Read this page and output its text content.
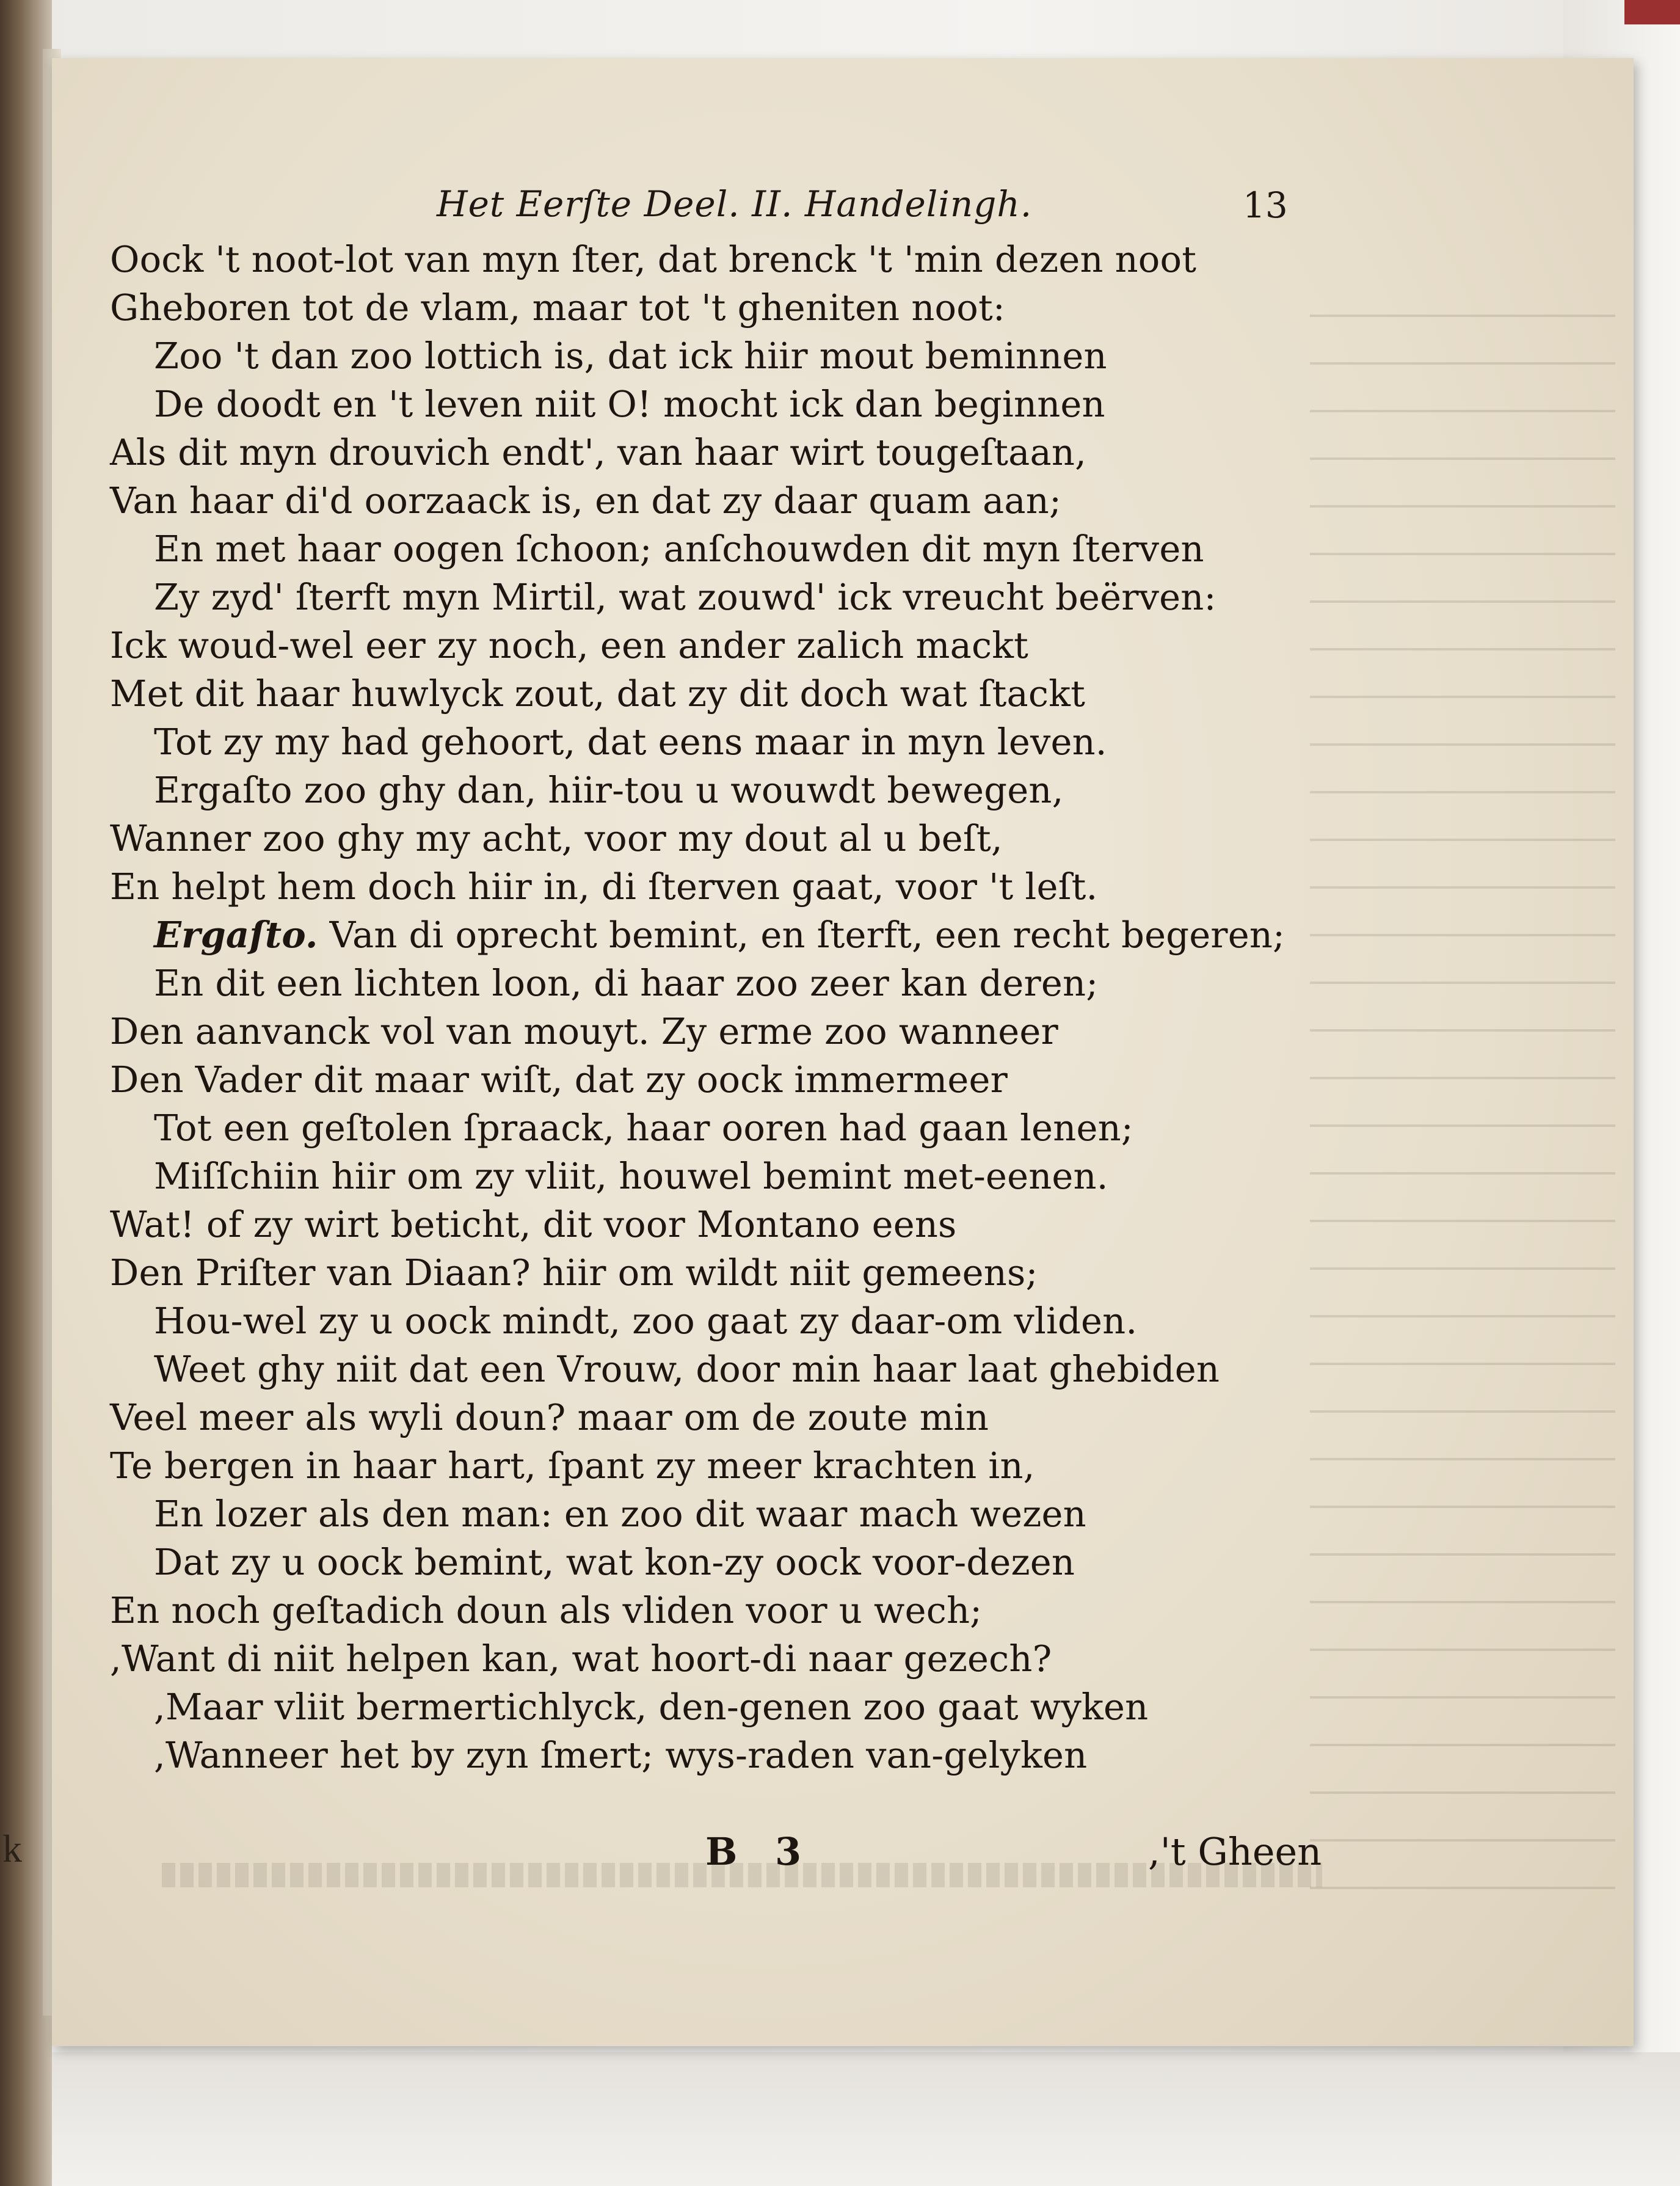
k
Het Eerſte Deel. II. Handelingh.	13
Oock 't noot-lot van myn ſter, dat brenck 't 'min dezen noot
Gheboren tot de vlam, maar tot 't gheniten noot:
Zoo 't dan zoo lottich is, dat ick hiir mout beminnen
De doodt en 't leven niit O! mocht ick dan beginnen
Als dit myn drouvich endt', van haar wirt tougeſtaan,
Van haar di'd oorzaack is, en dat zy daar quam aan;
En met haar oogen ſchoon; anſchouwden dit myn ſterven
Zy zyd' ſterft myn Mirtil, wat zouwd' ick vreucht beërven:
Ick woud-wel eer zy noch, een ander zalich mackt
Met dit haar huwlyck zout, dat zy dit doch wat ſtackt
Tot zy my had gehoort, dat eens maar in myn leven.
Ergaſto zoo ghy dan, hiir-tou u wouwdt bewegen,
Wanner zoo ghy my acht, voor my dout al u beſt,
En helpt hem doch hiir in, di ſterven gaat, voor 't leſt.
Ergaſto. Van di oprecht bemint, en ſterft, een recht begeren;
En dit een lichten loon, di haar zoo zeer kan deren;
Den aanvanck vol van mouyt. Zy erme zoo wanneer
Den Vader dit maar wiſt, dat zy oock immermeer
Tot een geſtolen ſpraack, haar ooren had gaan lenen;
Miſſchiin hiir om zy vliit, houwel bemint met-eenen.
Wat! of zy wirt beticht, dit voor Montano eens
Den Priſter van Diaan? hiir om wildt niit gemeens;
Hou-wel zy u oock mindt, zoo gaat zy daar-om vliden.
Weet ghy niit dat een Vrouw, door min haar laat ghebiden
Veel meer als wyli doun? maar om de zoute min
Te bergen in haar hart, ſpant zy meer krachten in,
En lozer als den man: en zoo dit waar mach wezen
Dat zy u oock bemint, wat kon-zy oock voor-dezen
En noch geſtadich doun als vliden voor u wech;
,Want di niit helpen kan, wat hoort-di naar gezech?
,Maar vliit bermertichlyck, den-genen zoo gaat wyken
,Wanneer het by zyn ſmert; wys-raden van-gelyken
B 3	,'t Gheen
